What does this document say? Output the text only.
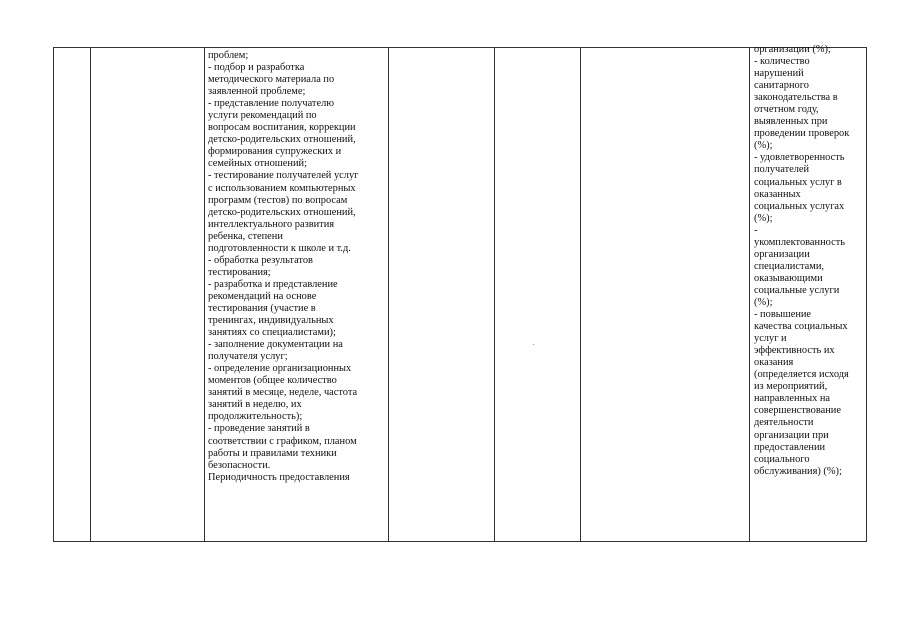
проблем;
- подбор и разработка
методического материала по
заявленной проблеме;
- представление получателю
услуги рекомендаций по
вопросам воспитания, коррекции
детско-родительских отношений,
формирования супружеских и
семейных отношений;
- тестирование получателей услуг
с использованием компьютерных
программ (тестов) по вопросам
детско-родительских отношений,
интеллектуального развития
ребенка, степени
подготовленности к школе и т.д.
- обработка результатов
тестирования;
- разработка и представление
рекомендаций на основе
тестирования (участие в
тренингах, индивидуальных
занятиях со специалистами);
- заполнение документации на
получателя услуг;
- определение организационных
моментов (общее количество
занятий в месяце, неделе, частота
занятий в неделю, их
продолжительность);
- проведение занятий в
соответствии с графиком, планом
работы и правилами техники
безопасности.
Периодичность предоставления
организации (%);
- количество
нарушений
санитарного
законодательства в
отчетном году,
выявленных при
проведении проверок
(%);
- удовлетворенность
получателей
социальных услуг в
оказанных
социальных услугах
(%);
-
укомплектованность
организации
специалистами,
оказывающими
социальные услуги
(%);
- повышение
качества социальных
услуг и
эффективность их
оказания
(определяется исходя
из мероприятий,
направленных на
совершенствование
деятельности
организации при
предоставлении
социального
обслуживания) (%);
